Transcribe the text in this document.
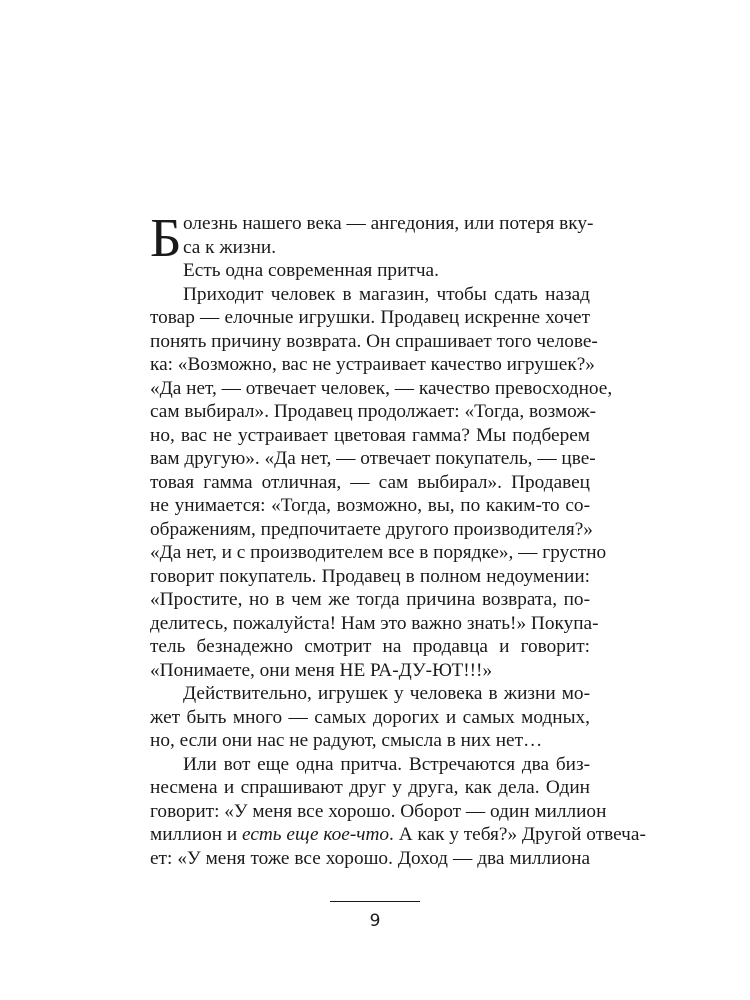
Б олезнь нашего века — ангедония, или потеря вку-
са к жизни.
Есть одна современная притча.
Приходит человек в магазин, чтобы сдать назад
товар — елочные игрушки. Продавец искренне хочет
понять причину возврата. Он спрашивает того челове-
ка: «Возможно, вас не устраивает качество игрушек?»
«Да нет, — отвечает человек, — качество превосходное,
сам выбирал». Продавец продолжает: «Тогда, возмож-
но, вас не устраивает цветовая гамма? Мы подберем
вам другую». «Да нет, — отвечает покупатель, — цве-
товая гамма отличная, — сам выбирал». Продавец
не унимается: «Тогда, возможно, вы, по каким-то со-
ображениям, предпочитаете другого производителя?»
«Да нет, и с производителем все в порядке», — грустно
говорит покупатель. Продавец в полном недоумении:
«Простите, но в чем же тогда причина возврата, по-
делитесь, пожалуйста! Нам это важно знать!» Покупа-
тель безнадежно смотрит на продавца и говорит:
«Понимаете, они меня НЕ РА-ДУ-ЮТ!!!»
Действительно, игрушек у человека в жизни мо-
жет быть много — самых дорогих и самых модных,
но, если они нас не радуют, смысла в них нет…
Или вот еще одна притча. Встречаются два биз-
несмена и спрашивают друг у друга, как дела. Один
говорит: «У меня все хорошо. Оборот — один миллион
миллион и есть еще кое-что. А как у тебя?» Другой отвеча-
ет: «У меня тоже все хорошо. Доход — два миллиона
9
